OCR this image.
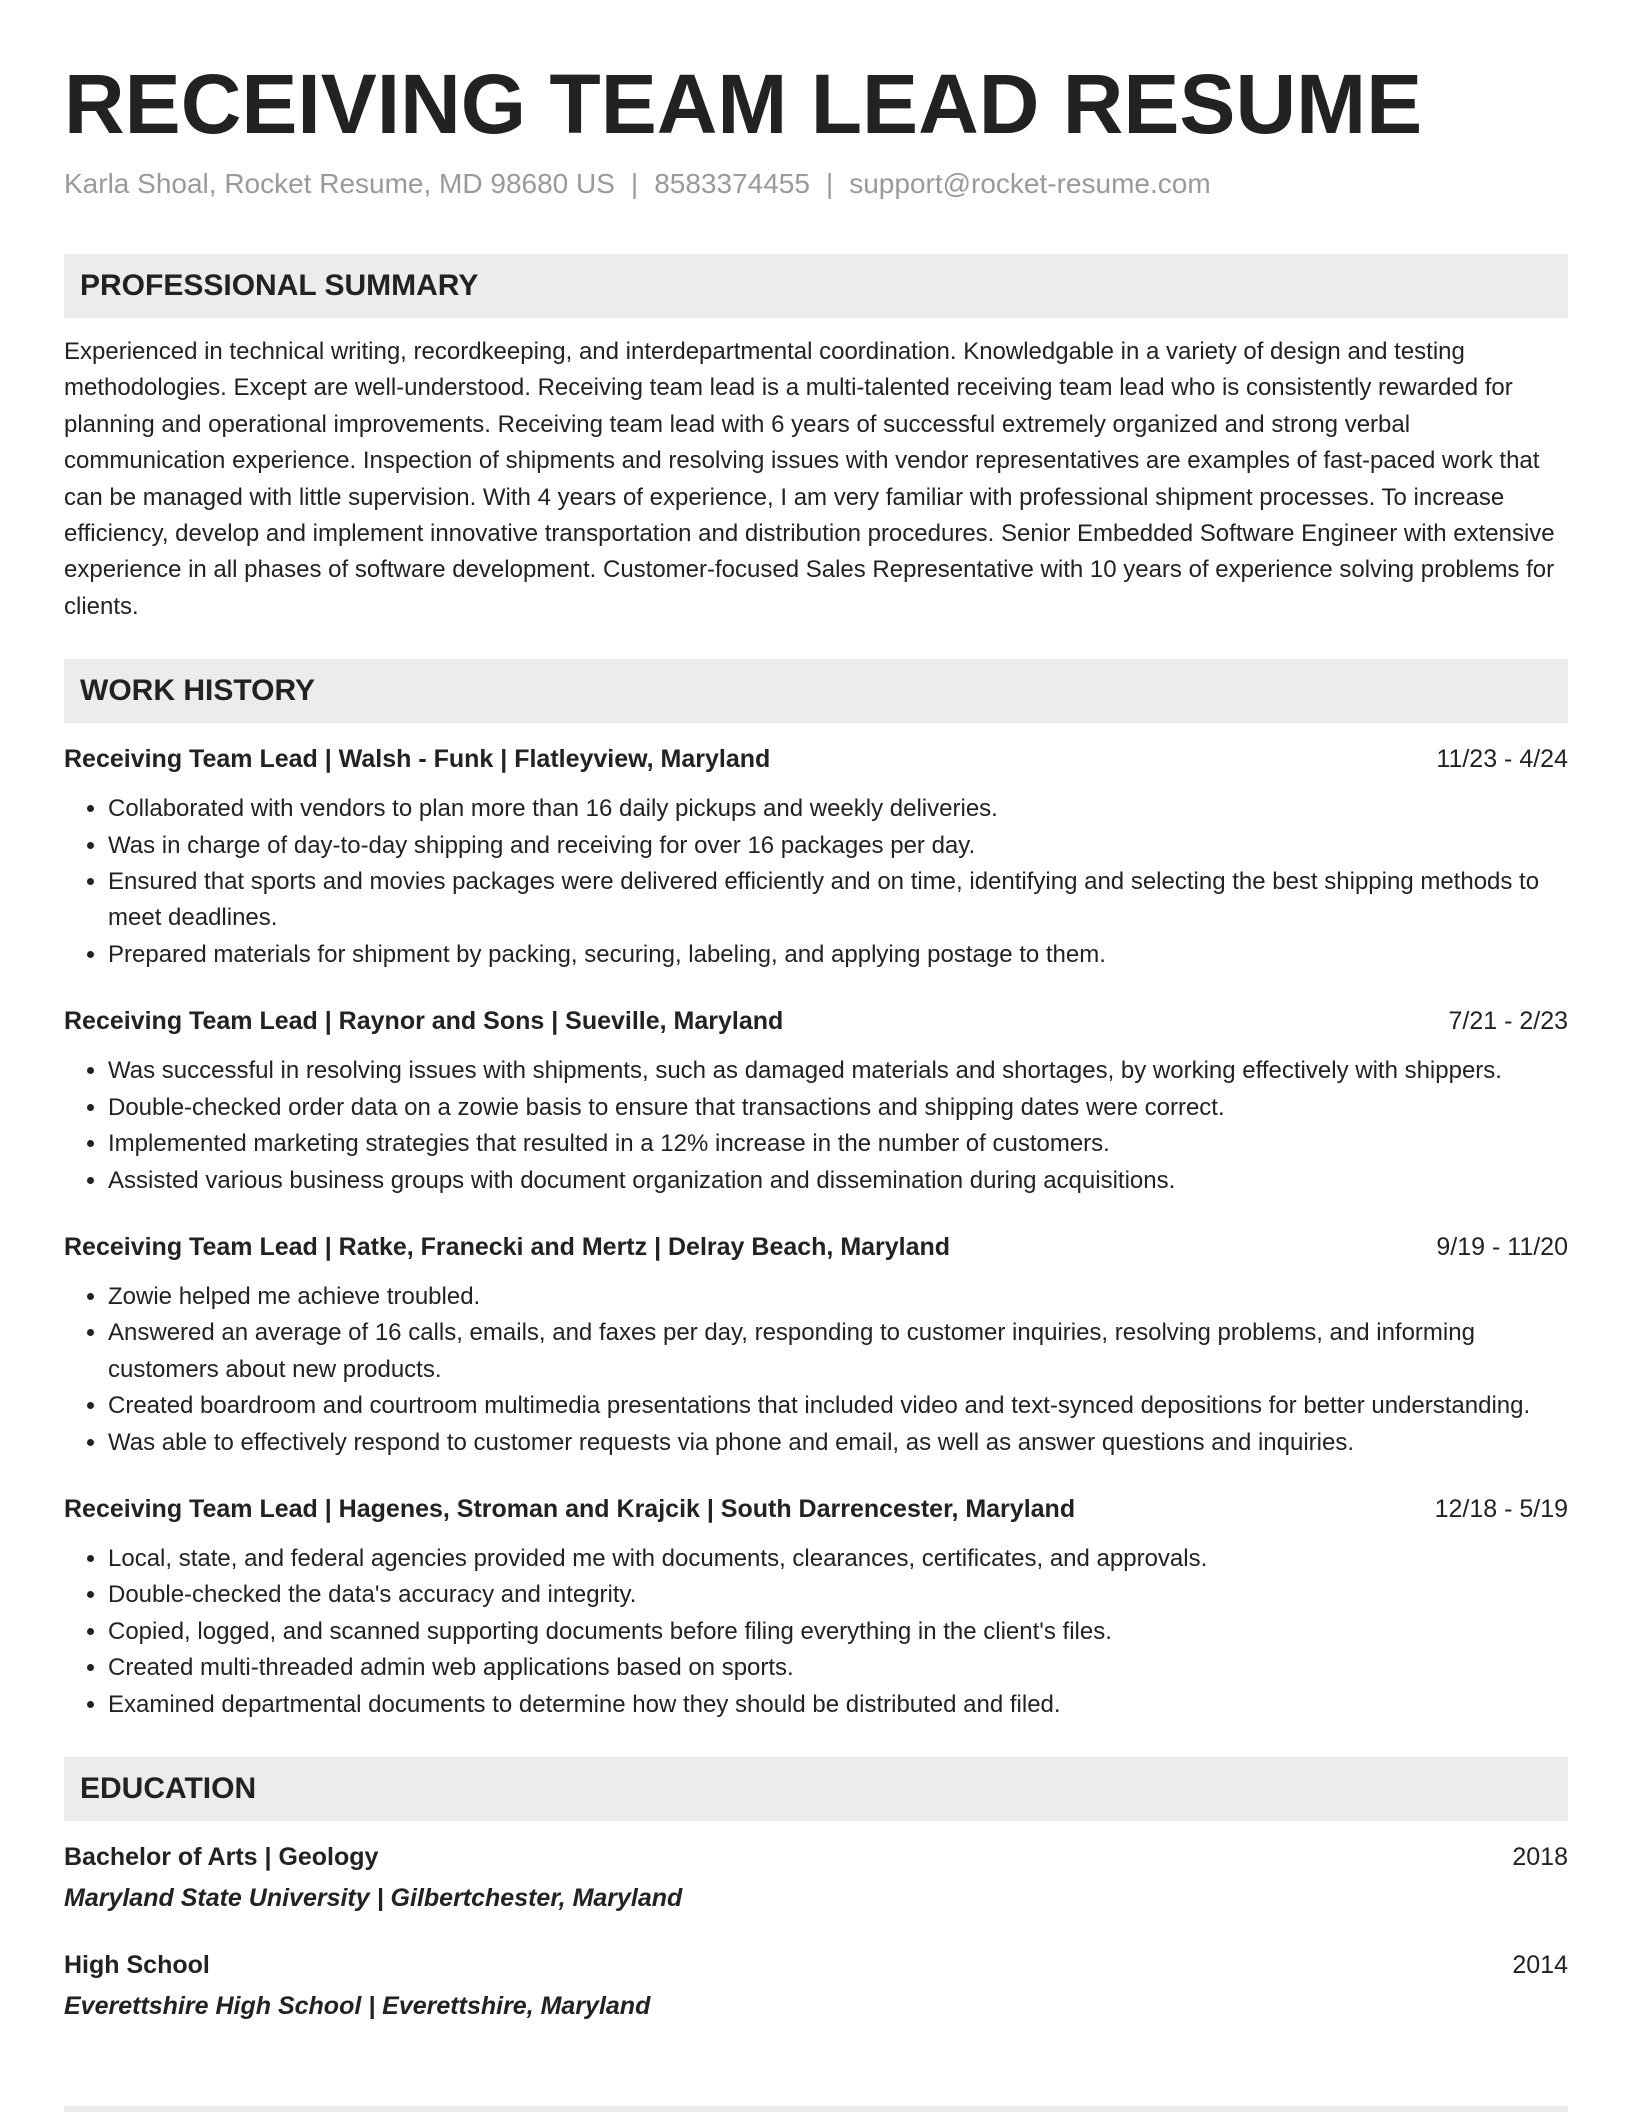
RECEIVING TEAM LEAD RESUME
Karla Shoal, Rocket Resume, MD 98680 US | 8583374455 | support@rocket-resume.com
PROFESSIONAL SUMMARY
Experienced in technical writing, recordkeeping, and interdepartmental coordination. Knowledgable in a variety of design and testing methodologies. Except are well-understood. Receiving team lead is a multi-talented receiving team lead who is consistently rewarded for planning and operational improvements. Receiving team lead with 6 years of successful extremely organized and strong verbal communication experience. Inspection of shipments and resolving issues with vendor representatives are examples of fast-paced work that can be managed with little supervision. With 4 years of experience, I am very familiar with professional shipment processes. To increase efficiency, develop and implement innovative transportation and distribution procedures. Senior Embedded Software Engineer with extensive experience in all phases of software development. Customer-focused Sales Representative with 10 years of experience solving problems for clients.
WORK HISTORY
Receiving Team Lead | Walsh - Funk | Flatleyview, Maryland	11/23 - 4/24
• Collaborated with vendors to plan more than 16 daily pickups and weekly deliveries.
• Was in charge of day-to-day shipping and receiving for over 16 packages per day.
• Ensured that sports and movies packages were delivered efficiently and on time, identifying and selecting the best shipping methods to meet deadlines.
• Prepared materials for shipment by packing, securing, labeling, and applying postage to them.
Receiving Team Lead | Raynor and Sons | Sueville, Maryland	7/21 - 2/23
• Was successful in resolving issues with shipments, such as damaged materials and shortages, by working effectively with shippers.
• Double-checked order data on a zowie basis to ensure that transactions and shipping dates were correct.
• Implemented marketing strategies that resulted in a 12% increase in the number of customers.
• Assisted various business groups with document organization and dissemination during acquisitions.
Receiving Team Lead | Ratke, Franecki and Mertz | Delray Beach, Maryland	9/19 - 11/20
• Zowie helped me achieve troubled.
• Answered an average of 16 calls, emails, and faxes per day, responding to customer inquiries, resolving problems, and informing customers about new products.
• Created boardroom and courtroom multimedia presentations that included video and text-synced depositions for better understanding.
• Was able to effectively respond to customer requests via phone and email, as well as answer questions and inquiries.
Receiving Team Lead | Hagenes, Stroman and Krajcik | South Darrencester, Maryland	12/18 - 5/19
• Local, state, and federal agencies provided me with documents, clearances, certificates, and approvals.
• Double-checked the data's accuracy and integrity.
• Copied, logged, and scanned supporting documents before filing everything in the client's files.
• Created multi-threaded admin web applications based on sports.
• Examined departmental documents to determine how they should be distributed and filed.
EDUCATION
Bachelor of Arts | Geology	2018
Maryland State University | Gilbertchester, Maryland
High School	2014
Everettshire High School | Everettshire, Maryland
